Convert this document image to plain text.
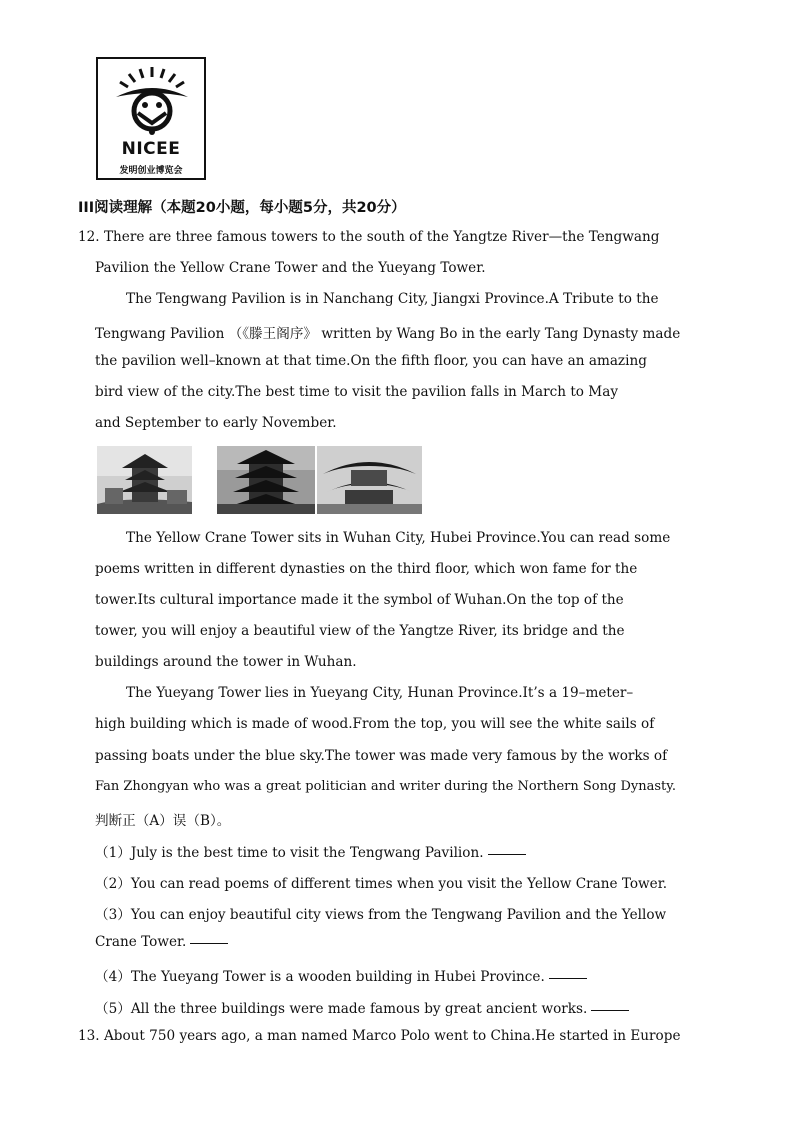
NICEE
发明创业博览会
III阅读理解（本题20小题，每小题5分，共20分）
12. There are three famous towers to the south of the Yangtze River—the Tengwang
Pavilion the Yellow Crane Tower and the Yueyang Tower.
The Tengwang Pavilion is in Nanchang City, Jiangxi Province.A Tribute to the
Tengwang Pavilion （《滕王阁序》 written by Wang Bo in the early Tang Dynasty made
the pavilion well–known at that time.On the fifth floor, you can have an amazing
bird view of the city.The best time to visit the pavilion falls in March to May
and September to early November.
The Yellow Crane Tower sits in Wuhan City, Hubei Province.You can read some
poems written in different dynasties on the third floor, which won fame for the
tower.Its cultural importance made it the symbol of Wuhan.On the top of the
tower, you will enjoy a beautiful view of the Yangtze River, its bridge and the
buildings around the tower in Wuhan.
The Yueyang Tower lies in Yueyang City, Hunan Province.It’s a 19–meter–
high building which is made of wood.From the top, you will see the white sails of
passing boats under the blue sky.The tower was made very famous by the works of
Fan Zhongyan who was a great politician and writer during the Northern Song Dynasty.
判断正（A）误（B）。
（1）July is the best time to visit the Tengwang Pavilion.
（2）You can read poems of different times when you visit the Yellow Crane Tower.
（3）You can enjoy beautiful city views from the Tengwang Pavilion and the Yellow
Crane Tower.
（4）The Yueyang Tower is a wooden building in Hubei Province.
（5）All the three buildings were made famous by great ancient works.
13. About 750 years ago, a man named Marco Polo went to China.He started in Europe
